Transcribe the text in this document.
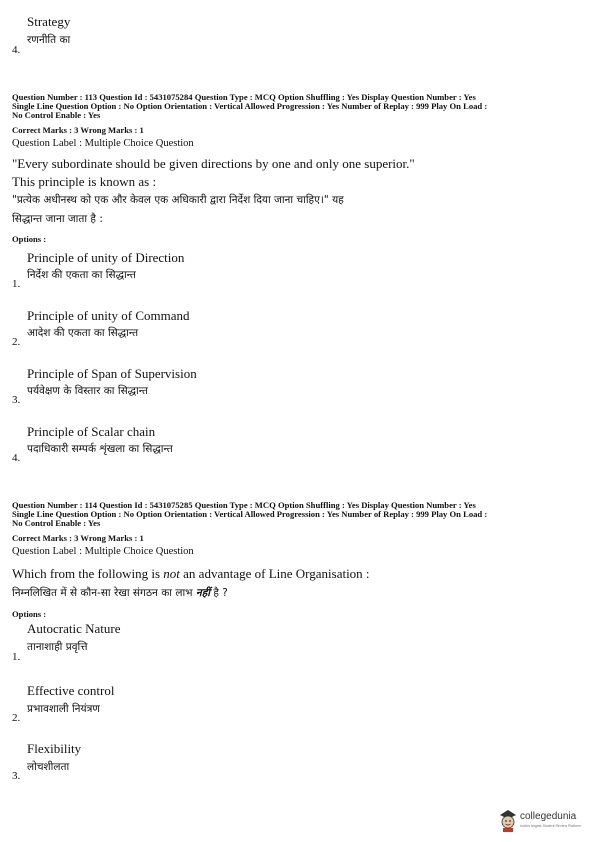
Strategy
रणनीति का
4.
Question Number : 113 Question Id : 5431075284 Question Type : MCQ Option Shuffling : Yes Display Question Number : Yes
Single Line Question Option : No Option Orientation : Vertical Allowed Progression : Yes Number of Replay : 999 Play On Load :
No Control Enable : Yes
Correct Marks : 3 Wrong Marks : 1
Question Label : Multiple Choice Question
"Every subordinate should be given directions by one and only one superior."
This principle is known as :
"प्रत्येक अधीनस्थ को एक और केवल एक अधिकारी द्वारा निर्देश दिया जाना चाहिए।" यह
सिद्धान्त जाना जाता है :
Options :
Principle of unity of Direction
निर्देश की एकता का सिद्धान्त
1.
Principle of unity of Command
आदेश की एकता का सिद्धान्त
2.
Principle of Span of Supervision
पर्यवेक्षण के विस्तार का सिद्धान्त
3.
Principle of Scalar chain
पदाधिकारी सम्पर्क शृंखला का सिद्धान्त
4.
Question Number : 114 Question Id : 5431075285 Question Type : MCQ Option Shuffling : Yes Display Question Number : Yes
Single Line Question Option : No Option Orientation : Vertical Allowed Progression : Yes Number of Replay : 999 Play On Load :
No Control Enable : Yes
Correct Marks : 3 Wrong Marks : 1
Question Label : Multiple Choice Question
Which from the following is not an advantage of Line Organisation :
निम्नलिखित में से कौन-सा रेखा संगठन का लाभ नहीं है ?
Options :
Autocratic Nature
तानाशाही प्रवृत्ति
1.
Effective control
प्रभावशाली नियंत्रण
2.
Flexibility
लोचशीलता
3.
collegedunia
India's largest Student Review Platform
